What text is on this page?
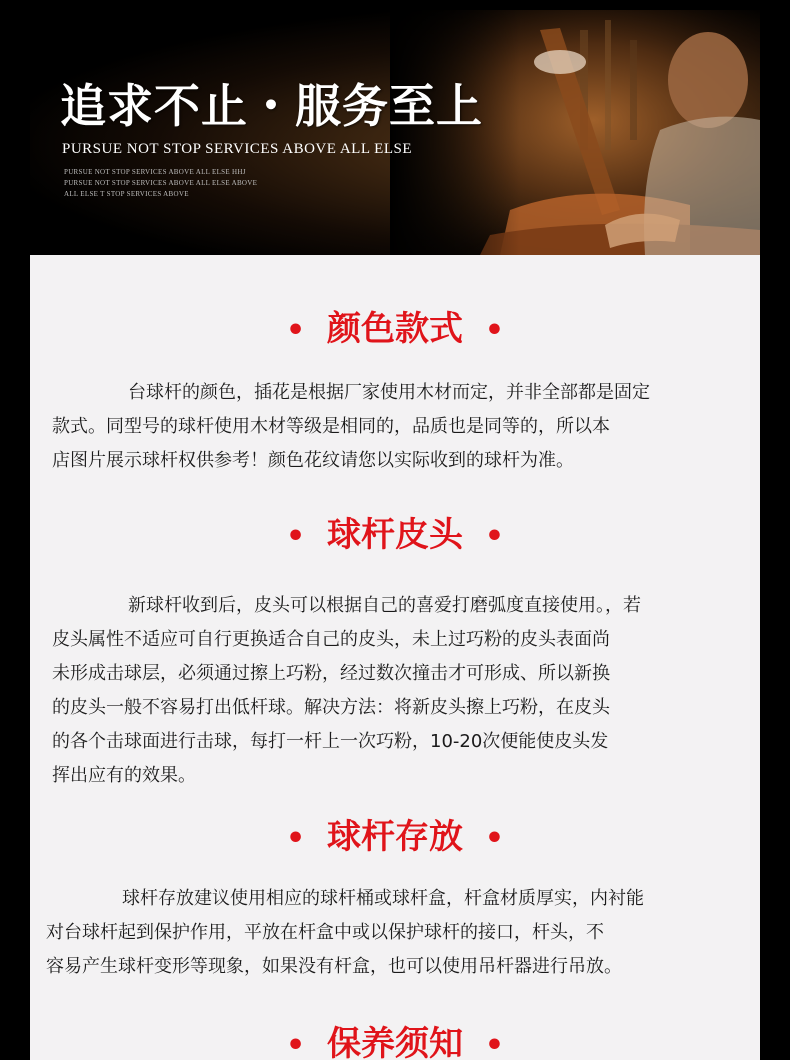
追求不止・服务至上
PURSUE NOT STOP SERVICES ABOVE ALL ELSE
PURSUE NOT STOP SERVICES ABOVE ALL ELSE HHJ
PURSUE NOT STOP SERVICES ABOVE ALL ELSE ABOVE
ALL ELSE T STOP SERVICES ABOVE
• 颜色款式 •
台球杆的颜色，插花是根据厂家使用木材而定，并非全部都是固定
款式。同型号的球杆使用木材等级是相同的，品质也是同等的，所以本
店图片展示球杆权供参考！颜色花纹请您以实际收到的球杆为准。
• 球杆皮头 •
新球杆收到后，皮头可以根据自己的喜爱打磨弧度直接使用。，若
皮头属性不适应可自行更换适合自己的皮头，未上过巧粉的皮头表面尚
未形成击球层，必须通过擦上巧粉，经过数次撞击才可形成、所以新换
的皮头一般不容易打出低杆球。解决方法：将新皮头擦上巧粉，在皮头
的各个击球面进行击球，每打一杆上一次巧粉，10-20次便能使皮头发
挥出应有的效果。
• 球杆存放 •
球杆存放建议使用相应的球杆桶或球杆盒，杆盒材质厚实，内衬能
对台球杆起到保护作用，平放在杆盒中或以保护球杆的接口，杆头，不
容易产生球杆变形等现象，如果没有杆盒，也可以使用吊杆器进行吊放。
• 保养须知 •
